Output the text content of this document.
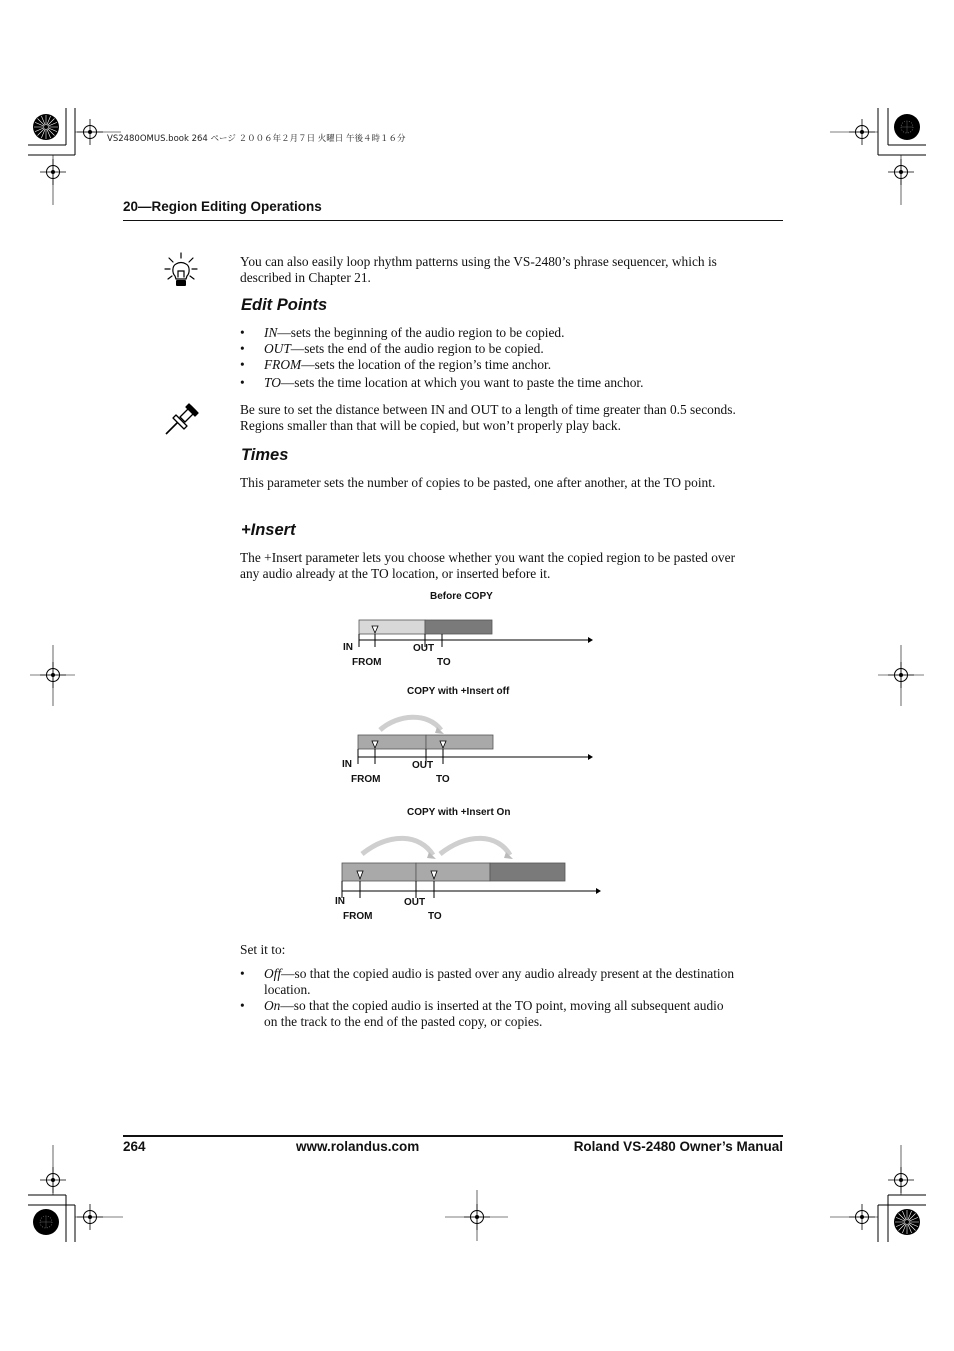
VS2480OMUS.book 264 ページ ２００６年２月７日 火曜日 午後４時１６分
20—Region Editing Operations
You can also easily loop rhythm patterns using the VS-2480’s phrase sequencer, which is described in Chapter 21.
Edit Points
• IN—sets the beginning of the audio region to be copied.
• OUT—sets the end of the audio region to be copied.
• FROM—sets the location of the region’s time anchor.
• TO—sets the time location at which you want to paste the time anchor.
Be sure to set the distance between IN and OUT to a length of time greater than 0.5 seconds. Regions smaller than that will be copied, but won’t properly play back.
Times
This parameter sets the number of copies to be pasted, one after another, at the TO point.
+Insert
The +Insert parameter lets you choose whether you want the copied region to be pasted over any audio already at the TO location, or inserted before it.
Before COPY
IN	OUT
FROM	TO
COPY with +Insert off
IN	OUT
FROM	TO
COPY with +Insert On
IN	OUT
FROM	TO
Set it to:
• Off—so that the copied audio is pasted over any audio already present at the destination location.
• On—so that the copied audio is inserted at the TO point, moving all subsequent audio on the track to the end of the pasted copy, or copies.
264	www.rolandus.com	Roland VS-2480 Owner’s Manual
